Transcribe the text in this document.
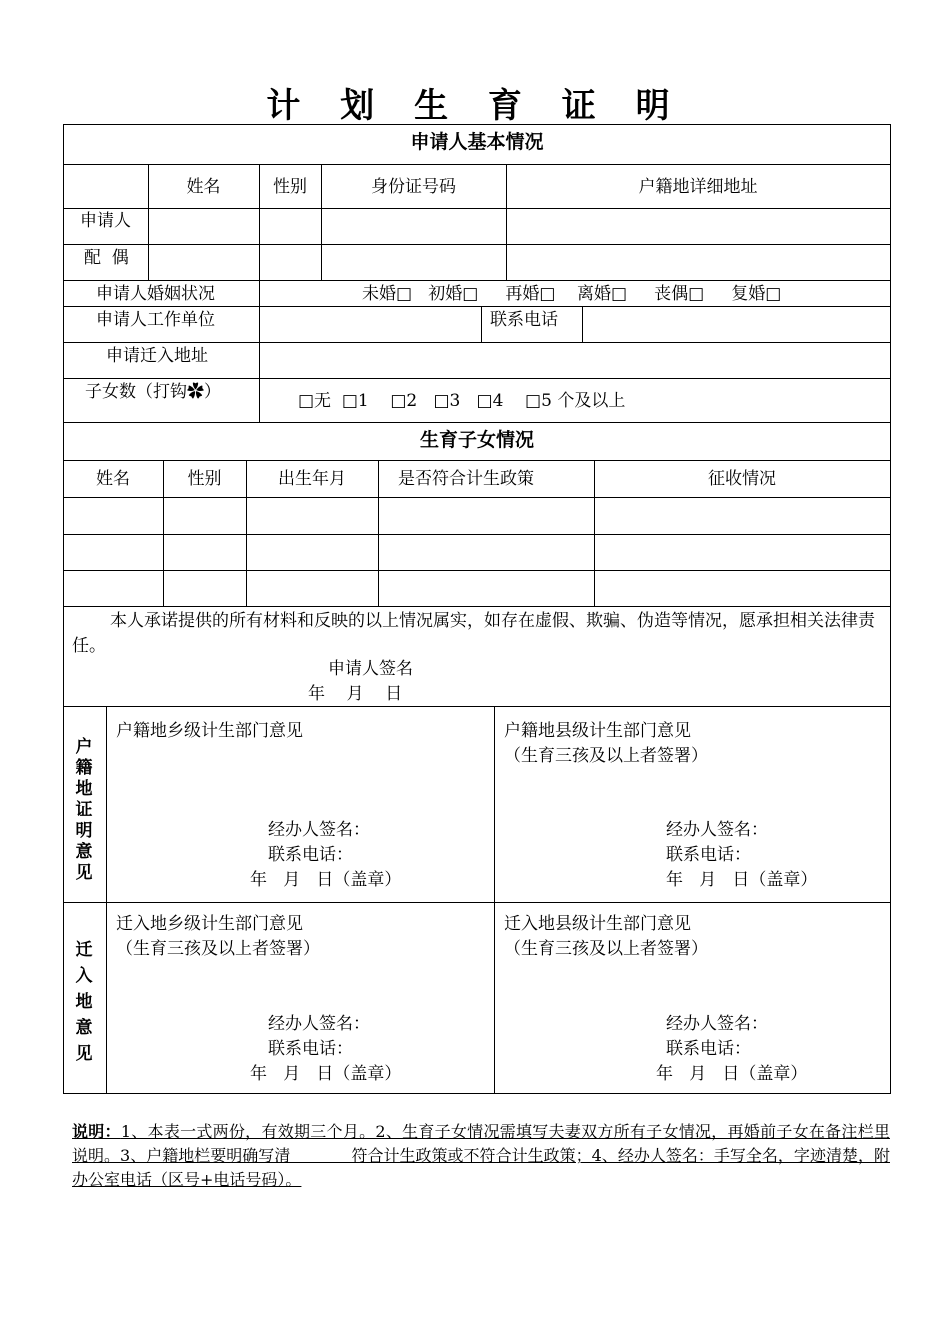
计 划 生 育 证 明
申请人基本情况
姓名	性别	身份证号码	户籍地详细地址
申请人
配  偶
申请人婚姻状况	未婚□   初婚□     再婚□    离婚□     丧偶□     复婚□
申请人工作单位	联系电话
申请迁入地址
子女数（打钩✿）	□无  □1    □2   □3   □4    □5 个及以上
生育子女情况
姓名	性别	出生年月	是否符合计生政策	征收情况
本人承诺提供的所有材料和反映的以上情况属实，如存在虚假、欺骗、伪造等情况，愿承担相关法律责任。
申请人签名
年    月    日
户
籍
地
证
明
意
见
户籍地乡级计生部门意见
经办人签名：
联系电话：
年   月   日（盖章）
户籍地县级计生部门意见
（生育三孩及以上者签署）
经办人签名：
联系电话：
年   月   日（盖章）
迁
入
地
意
见
迁入地乡级计生部门意见
（生育三孩及以上者签署）
经办人签名：
联系电话：
年   月   日（盖章）
迁入地县级计生部门意见
（生育三孩及以上者签署）
经办人签名：
联系电话：
年   月   日（盖章）
说明：1、本表一式两份，有效期三个月。2、生育子女情况需填写夫妻双方所有子女情况，再婚前子女在备注栏里说明。3、户籍地栏要明确写清            符合计生政策或不符合计生政策；4、经办人签名：手写全名，字迹清楚，附办公室电话（区号+电话号码）。
